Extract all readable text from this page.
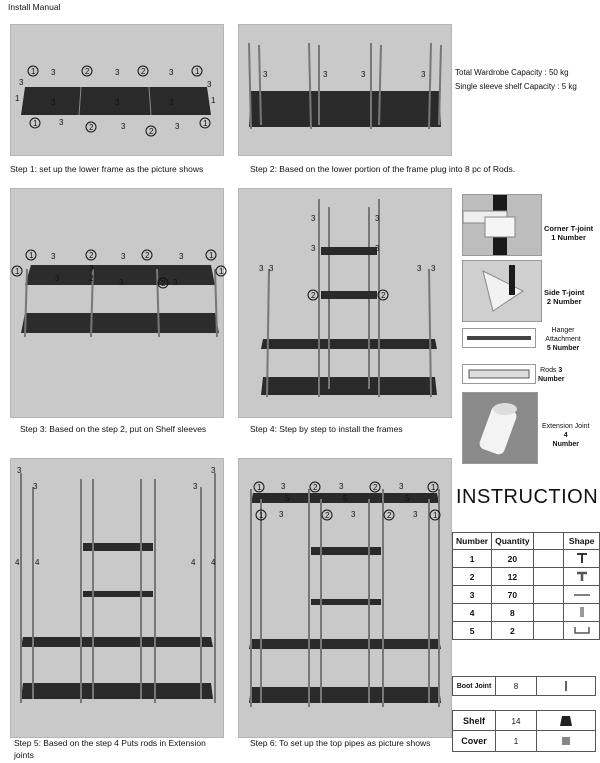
Install Manual
1 3	2	3	2	3	1
3	3
1	1
3	3	3
1	3
2	3
2
3	1
Step 1: set up the lower frame as the picture shows
3	3	3	3
Step 2: Based on the lower portion of the frame plug into 8 pc of Rods.
Total Wardrobe Capacity : 50 kg
Single sleeve shelf Capacity : 5 kg
1 3	2	3 2	3	1
1	1
3
2
3	3	3
2
Step 3: Based on the step 2, put on Shelf sleeves
3	3
3	3
3 3	3 3
2	2
Step 4: Step by step to install the frames
Corner T-joint
1 Number
Side T-joint
2 Number
Hanger Attachment
5 Number
Rods 3
Number
Extension Joint
4
Number
3
3	3
3
4 4	4 4
Step 5: Based on the step 4 Puts rods in Extension
joints
1 3	2	3	2	3	1
5	5	5
1 3	2	3	2	3 1
Step 6: To set up the top pipes as picture shows
INSTRUCTION
Number	Quantity		Shape
1	20		
2	12		
3	70		
4	8		
5	2		
Boot Joint	8
Shelf	14
Cover	1
